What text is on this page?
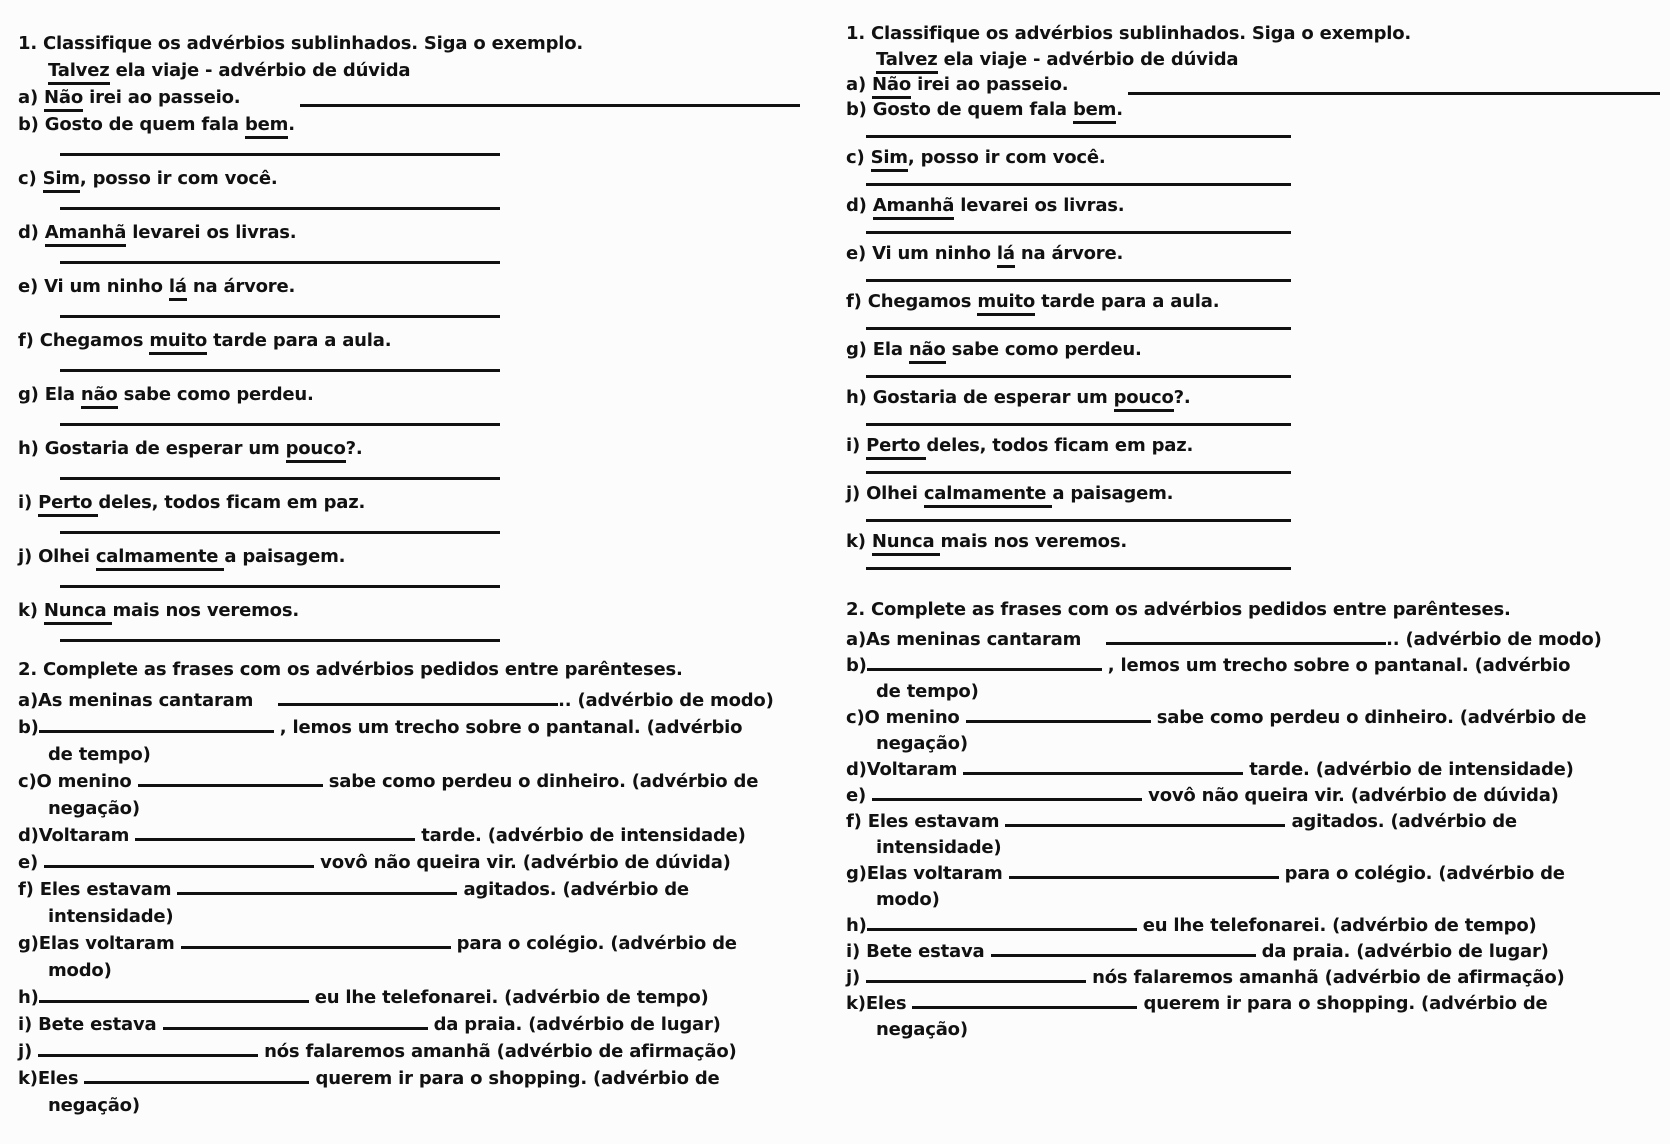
1. Classifique os advérbios sublinhados. Siga o exemplo.
Talvez ela viaje - advérbio de dúvida
a) Não irei ao passeio.
b) Gosto de quem fala bem.
c) Sim, posso ir com você.
d) Amanhã levarei os livras.
e) Vi um ninho lá na árvore.
f) Chegamos muito tarde para a aula.
g) Ela não sabe como perdeu.
h) Gostaria de esperar um pouco?.
i) Perto deles, todos ficam em paz.
j) Olhei calmamente a paisagem.
k) Nunca mais nos veremos.
2. Complete as frases com os advérbios pedidos entre parênteses.
a)As meninas cantaram	.. (advérbio de modo)
b)	, lemos um trecho sobre o pantanal. (advérbio
de tempo)
c)O menino	sabe como perdeu o dinheiro. (advérbio de
negação)
d)Voltaram	tarde. (advérbio de intensidade)
e)	vovô não queira vir. (advérbio de dúvida)
f) Eles estavam	agitados. (advérbio de
intensidade)
g)Elas voltaram	para o colégio. (advérbio de
modo)
h)	eu lhe telefonarei. (advérbio de tempo)
i) Bete estava	da praia. (advérbio de lugar)
j)	nós falaremos amanhã (advérbio de afirmação)
k)Eles	querem ir para o shopping. (advérbio de
negação)
1. Classifique os advérbios sublinhados. Siga o exemplo.
Talvez ela viaje - advérbio de dúvida
a) Não irei ao passeio.
b) Gosto de quem fala bem.
c) Sim, posso ir com você.
d) Amanhã levarei os livras.
e) Vi um ninho lá na árvore.
f) Chegamos muito tarde para a aula.
g) Ela não sabe como perdeu.
h) Gostaria de esperar um pouco?.
i) Perto deles, todos ficam em paz.
j) Olhei calmamente a paisagem.
k) Nunca mais nos veremos.
2. Complete as frases com os advérbios pedidos entre parênteses.
a)As meninas cantaram	.. (advérbio de modo)
b)	, lemos um trecho sobre o pantanal. (advérbio
de tempo)
c)O menino	sabe como perdeu o dinheiro. (advérbio de
negação)
d)Voltaram	tarde. (advérbio de intensidade)
e)	vovô não queira vir. (advérbio de dúvida)
f) Eles estavam	agitados. (advérbio de
intensidade)
g)Elas voltaram	para o colégio. (advérbio de
modo)
h)	eu lhe telefonarei. (advérbio de tempo)
i) Bete estava	da praia. (advérbio de lugar)
j)	nós falaremos amanhã (advérbio de afirmação)
k)Eles	querem ir para o shopping. (advérbio de
negação)
